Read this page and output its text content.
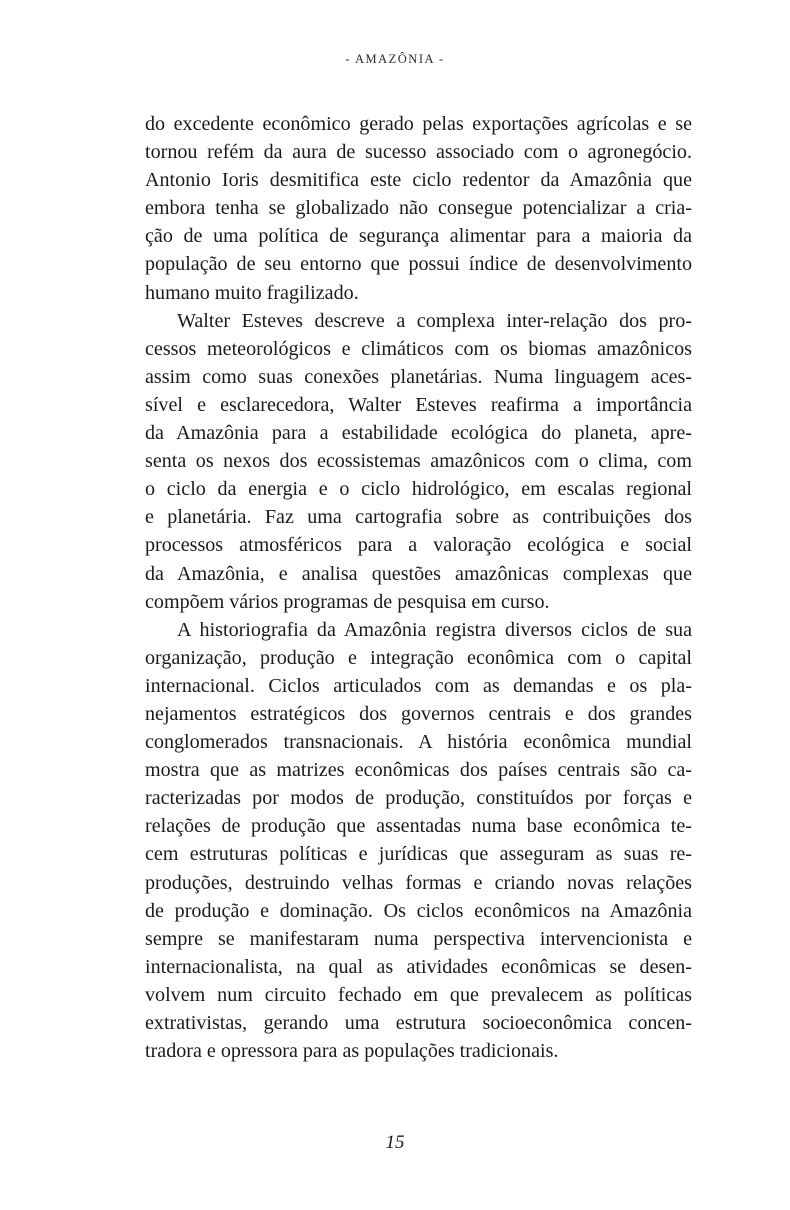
- AMAZÔNIA -

do excedente econômico gerado pelas exportações agrícolas e se
tornou refém da aura de sucesso associado com o agronegócio.
Antonio Ioris desmitifica este ciclo redentor da Amazônia que
embora tenha se globalizado não consegue potencializar a cria-
ção de uma política de segurança alimentar para a maioria da
população de seu entorno que possui índice de desenvolvimento
humano muito fragilizado.

Walter Esteves descreve a complexa inter-relação dos pro-
cessos meteorológicos e climáticos com os biomas amazônicos
assim como suas conexões planetárias. Numa linguagem aces-
sível e esclarecedora, Walter Esteves reafirma a importância
da Amazônia para a estabilidade ecológica do planeta, apre-
senta os nexos dos ecossistemas amazônicos com o clima, com
o ciclo da energia e o ciclo hidrológico, em escalas regional
e planetária. Faz uma cartografia sobre as contribuições dos
processos atmosféricos para a valoração ecológica e social
da Amazônia, e analisa questões amazônicas complexas que
compõem vários programas de pesquisa em curso.

A historiografia da Amazônia registra diversos ciclos de sua
organização, produção e integração econômica com o capital
internacional. Ciclos articulados com as demandas e os pla-
nejamentos estratégicos dos governos centrais e dos grandes
conglomerados transnacionais. A história econômica mundial
mostra que as matrizes econômicas dos países centrais são ca-
racterizadas por modos de produção, constituídos por forças e
relações de produção que assentadas numa base econômica te-
cem estruturas políticas e jurídicas que asseguram as suas re-
produções, destruindo velhas formas e criando novas relações
de produção e dominação. Os ciclos econômicos na Amazônia
sempre se manifestaram numa perspectiva intervencionista e
internacionalista, na qual as atividades econômicas se desen-
volvem num circuito fechado em que prevalecem as políticas
extrativistas, gerando uma estrutura socioeconômica concen-
tradora e opressora para as populações tradicionais.

15
